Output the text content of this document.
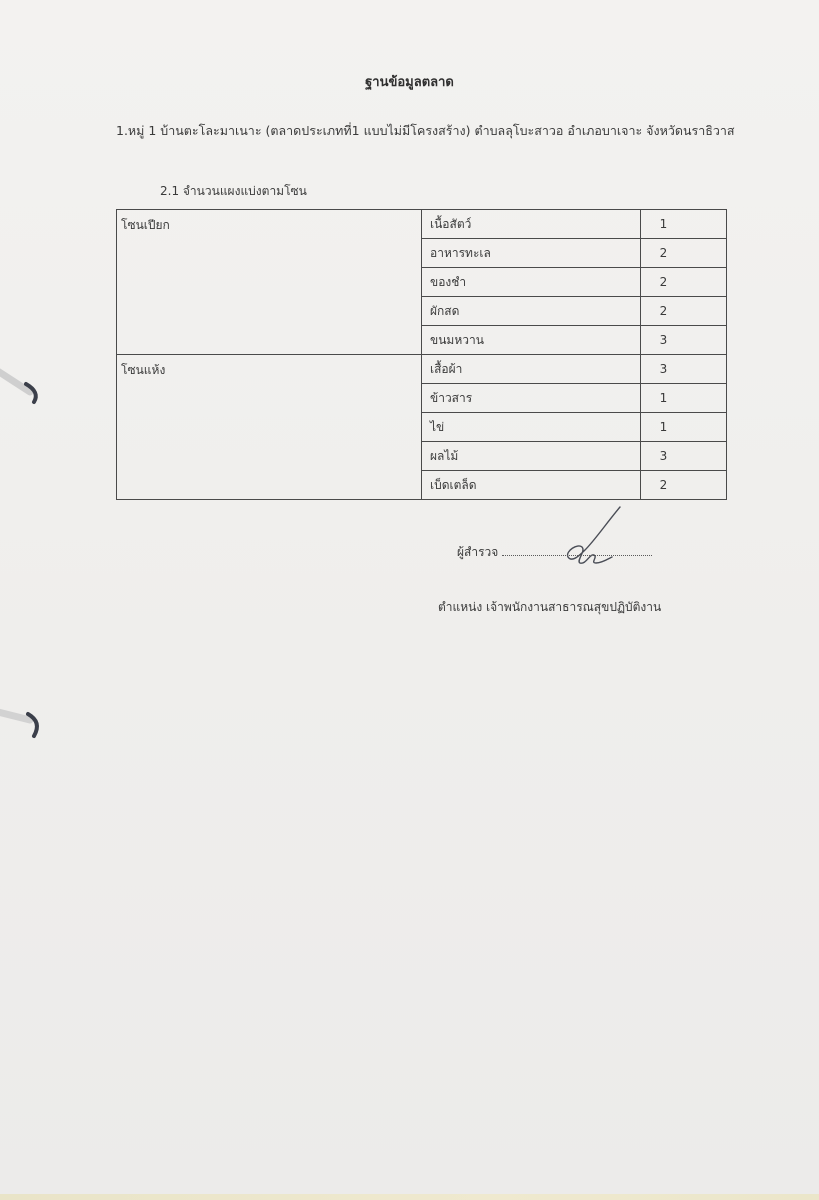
ฐานข้อมูลตลาด
1.หมู่ 1 บ้านตะโละมาเนาะ (ตลาดประเภทที่1 แบบไม่มีโครงสร้าง) ตำบลลุโบะสาวอ อำเภอบาเจาะ จังหวัดนราธิวาส
2.1 จำนวนแผงแบ่งตามโซน
โซนเปียก	เนื้อสัตว์	1
	อาหารทะเล	2
	ของชำ	2
	ผักสด	2
	ขนมหวาน	3
โซนแห้ง	เสื้อผ้า	3
	ข้าวสาร	1
	ไข่	1
	ผลไม้	3
	เบ็ดเตล็ด	2
ผู้สำรวจ
ตำแหน่ง เจ้าพนักงานสาธารณสุขปฏิบัติงาน
